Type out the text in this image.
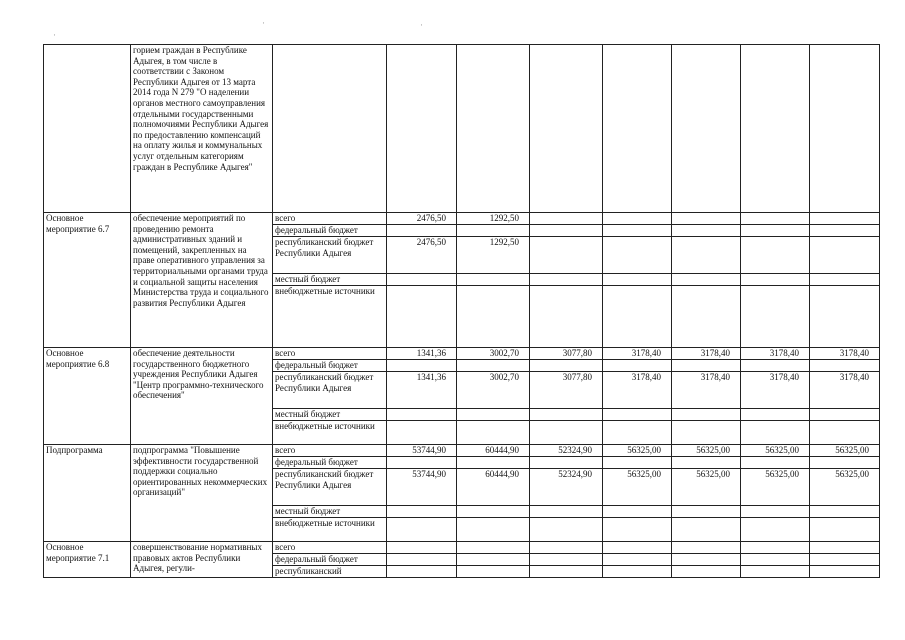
·
·	·
	горием граждан в Республике Адыгея, в том числе в соответствии с Законом Республики Адыгея от 13 марта 2014 года N 279 "О наделении органов местного самоуправления отдельными государственными полномочиями Республики Адыгея по предоставлению компенсаций на оплату жилья и коммунальных услуг отдельным категориям граждан в Республике Адыгея"								
Основное мероприятие 6.7	обеспечение мероприятий по проведению ремонта административных зданий и помещений, закрепленных на праве оперативного управления за территориальными органами труда и социальной защиты населения Министерства труда и социального развития Республики Адыгея	всего	2476,50	1292,50					
		федеральный бюджет							
		республиканский бюджет Республики Адыгея	2476,50	1292,50					
		местный бюджет							
		внебюджетные источники							
Основное мероприятие 6.8	обеспечение деятельности государственного бюджетного учреждения Республики Адыгея "Центр программно-технического обеспечения"	всего	1341,36	3002,70	3077,80	3178,40	3178,40	3178,40	3178,40
		федеральный бюджет							
		республиканский бюджет Республики Адыгея	1341,36	3002,70	3077,80	3178,40	3178,40	3178,40	3178,40
		местный бюджет							
		внебюджетные источники							
Подпрограмма	подпрограмма "Повышение эффективности государственной поддержки социально ориентированных некоммерческих организаций"	всего	53744,90	60444,90	52324,90	56325,00	56325,00	56325,00	56325,00
		федеральный бюджет							
		республиканский бюджет Республики Адыгея	53744,90	60444,90	52324,90	56325,00	56325,00	56325,00	56325,00
		местный бюджет							
		внебюджетные источники							
Основное мероприятие 7.1	совершенствование нормативных правовых актов Республики Адыгея, регули-	всего							
		федеральный бюджет							
		республиканский							
